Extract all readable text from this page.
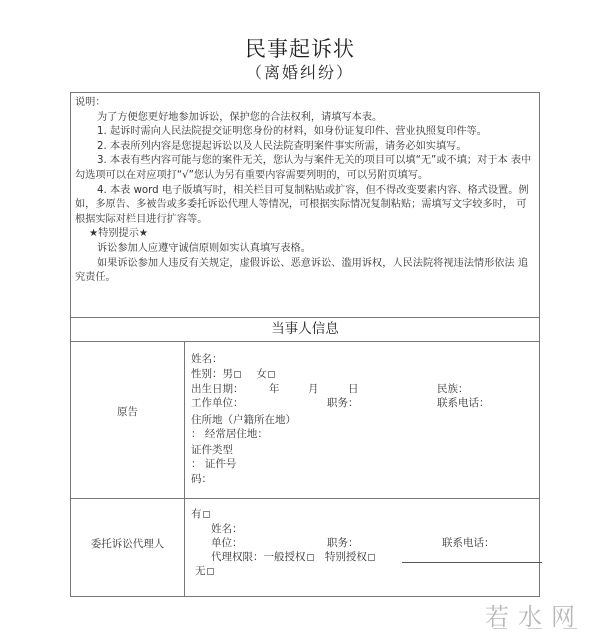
民事起诉状
（离婚纠纷）

说明：

为了方便您更好地参加诉讼，保护您的合法权利，请填写本表。

1. 起诉时需向人民法院提交证明您身份的材料，如身份证复印件、营业执照复印件等。

2. 本表所列内容是您提起诉讼以及人民法院查明案件事实所需，请务必如实填写。

3. 本表有些内容可能与您的案件无关，您认为与案件无关的项目可以填“无”或不填；对于本 表中勾选项可以在对应项打“√”您认为另有重要内容需要列明的，可以另附页填写。

4. 本表 word 电子版填写时，相关栏目可复制粘贴或扩容，但不得改变要素内容、格式设置。例 如，多原告、多被告或多委托诉讼代理人等情况，可根据实际情况复制粘贴；需填写文字较多时， 可根据实际对栏目进行扩容等。

★特别提示★

诉讼参加人应遵守诚信原则如实认真填写表格。

如果诉讼参加人违反有关规定，虚假诉讼、恶意诉讼、滥用诉权，人民法院将视违法情形依法 追究责任。

当事人信息
原告
姓名：
性别：男 女
出生日期： 年	月	日	民族：
工作单位：	职务：	联系电话：
住所地（户籍所在地）
： 经常居住地：
证件类型
： 证件号
码：
委托诉讼代理人
有
姓名：
单位：	职务：	联系电话：
代理权限：一般授权 特别授权
无
若水网
